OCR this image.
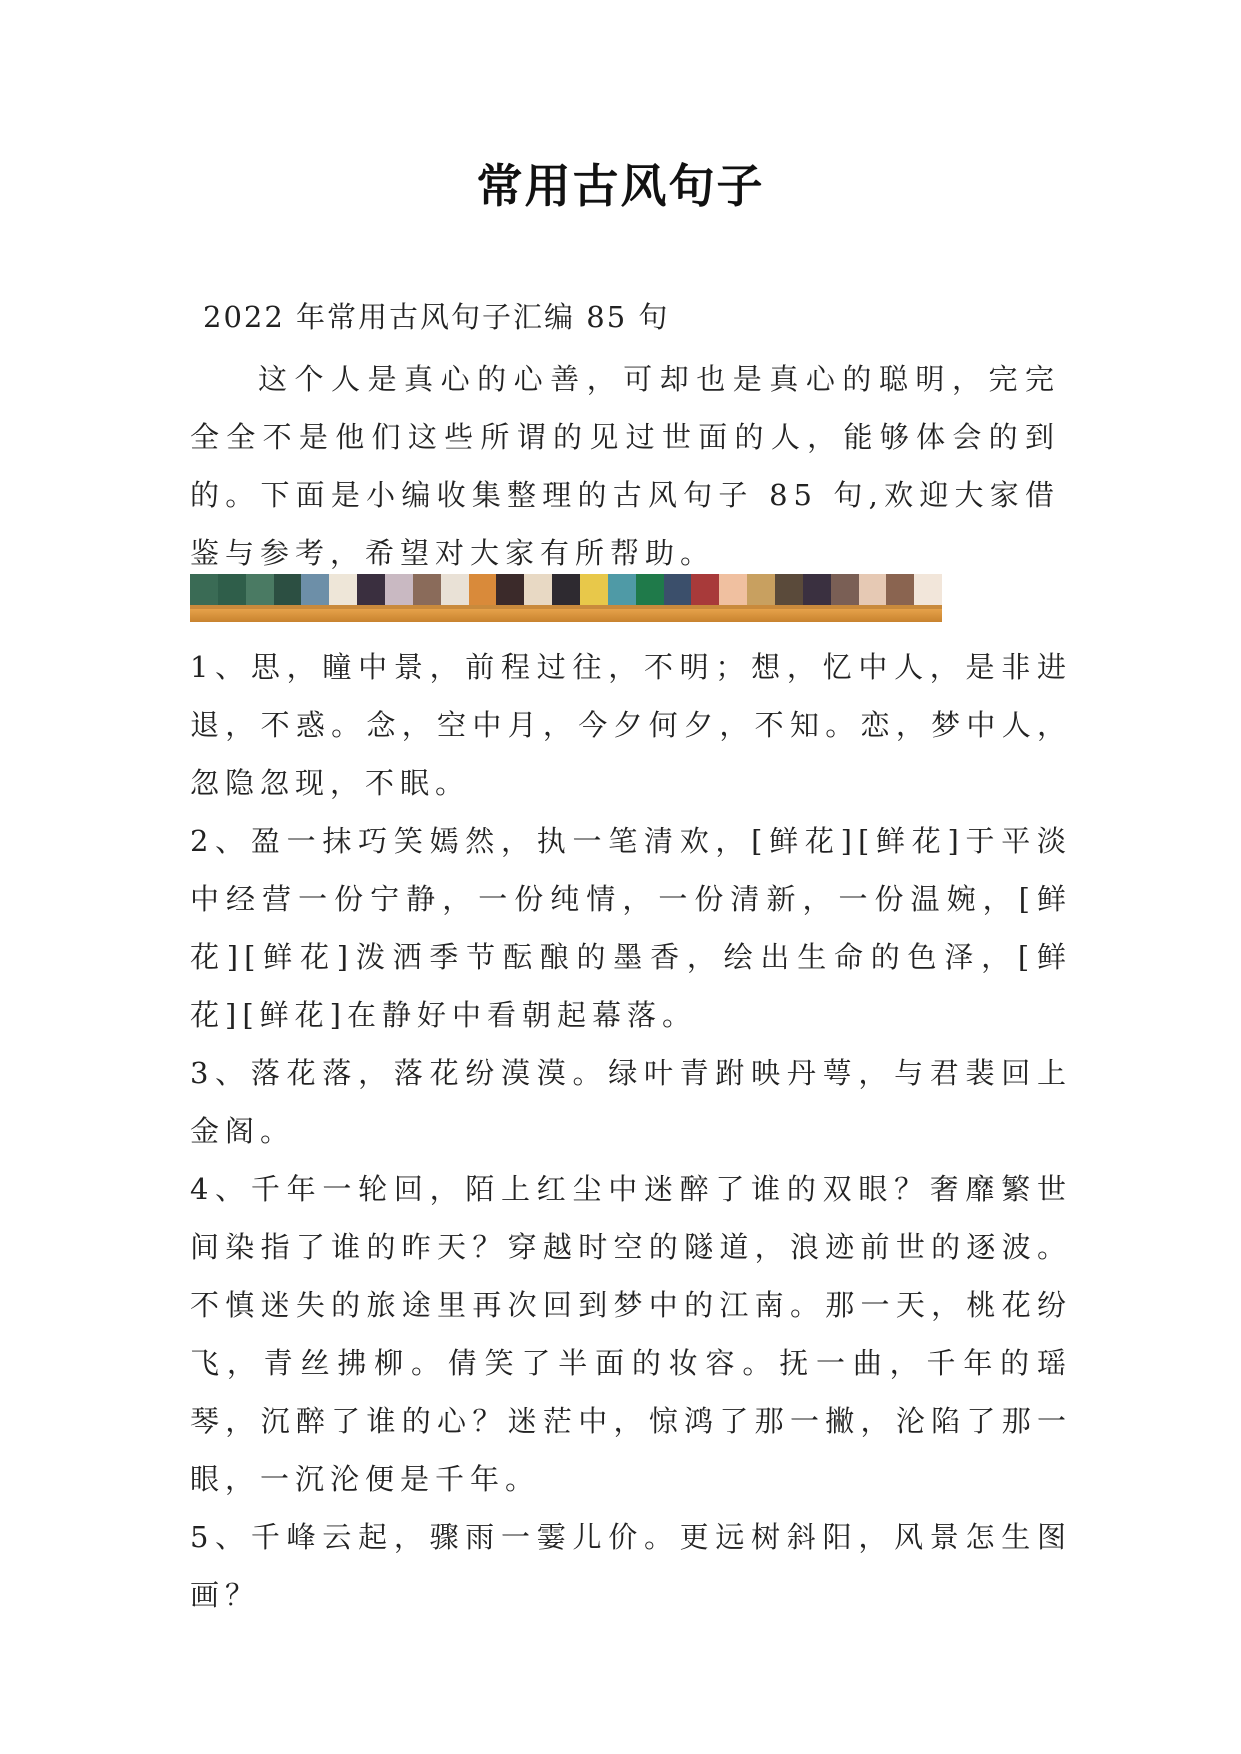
常用古风句子
2022 年常用古风句子汇编 85 句

这个人是真心的心善，可却也是真心的聪明，完完全全不是他们这些所谓的见过世面的人，能够体会的到的。下面是小编收集整理的古风句子 85 句,欢迎大家借鉴与参考，希望对大家有所帮助。

1、思，瞳中景，前程过往，不明；想，忆中人，是非进退，不惑。念，空中月，今夕何夕，不知。恋，梦中人，忽隐忽现，不眠。

2、盈一抹巧笑嫣然，执一笔清欢，[鲜花][鲜花]于平淡中经营一份宁静，一份纯情，一份清新，一份温婉，[鲜花][鲜花]泼洒季节酝酿的墨香，绘出生命的色泽，[鲜花][鲜花]在静好中看朝起幕落。

3、落花落，落花纷漠漠。绿叶青跗映丹萼，与君裴回上金阁。

4、千年一轮回，陌上红尘中迷醉了谁的双眼？奢靡繁世间染指了谁的昨天？穿越时空的隧道，浪迹前世的逐波。不慎迷失的旅途里再次回到梦中的江南。那一天，桃花纷飞，青丝拂柳。倩笑了半面的妆容。抚一曲，千年的瑶琴，沉醉了谁的心？迷茫中，惊鸿了那一撇，沦陷了那一眼，一沉沦便是千年。

5、千峰云起，骤雨一霎儿价。更远树斜阳，风景怎生图画？
